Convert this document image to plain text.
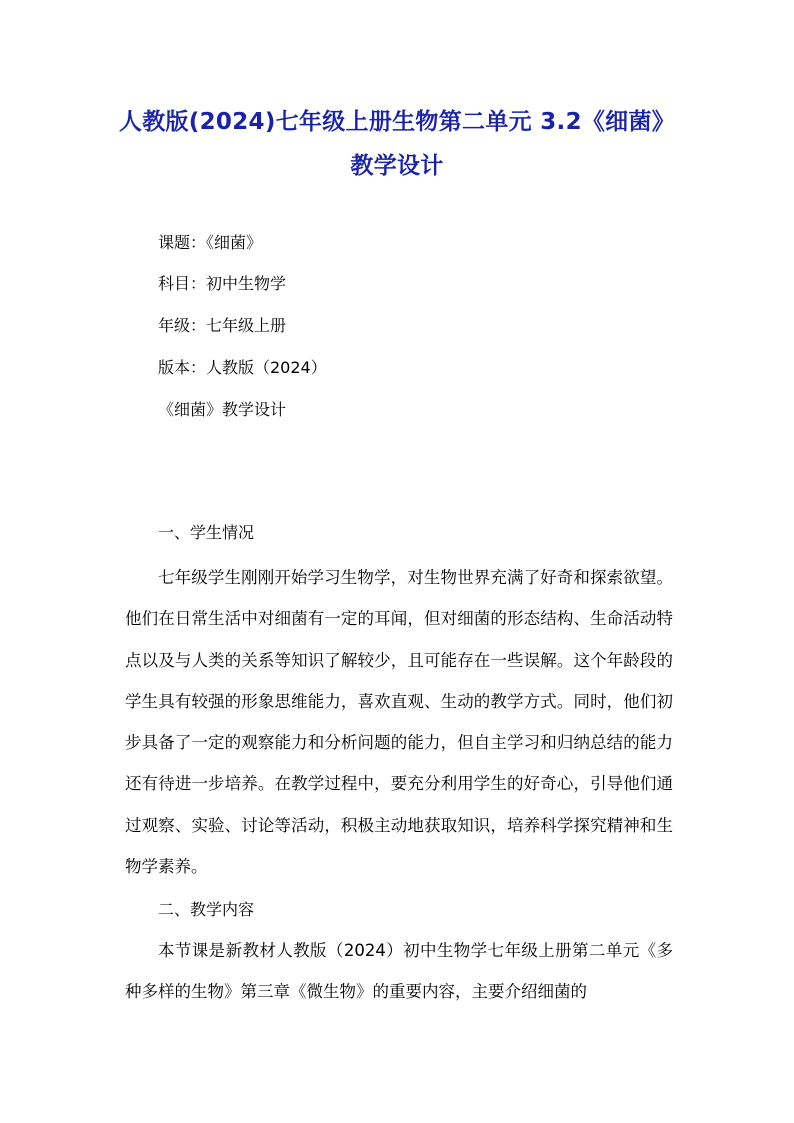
人教版(2024)七年级上册生物第二单元 3.2《细菌》
教学设计
课题：《细菌》
科目：初中生物学
年级：七年级上册
版本：人教版（2024）
《细菌》教学设计
一、学生情况

七年级学生刚刚开始学习生物学，对生物世界充满了好奇和探索欲望。他们在日常生活中对细菌有一定的耳闻，但对细菌的形态结构、生命活动特点以及与人类的关系等知识了解较少，且可能存在一些误解。这个年龄段的学生具有较强的形象思维能力，喜欢直观、生动的教学方式。同时，他们初步具备了一定的观察能力和分析问题的能力，但自主学习和归纳总结的能力还有待进一步培养。在教学过程中，要充分利用学生的好奇心，引导他们通过观察、实验、讨论等活动，积极主动地获取知识，培养科学探究精神和生物学素养。

二、教学内容

本节课是新教材人教版（2024）初中生物学七年级上册第二单元《多种多样的生物》第三章《微生物》的重要内容，主要介绍细菌的
